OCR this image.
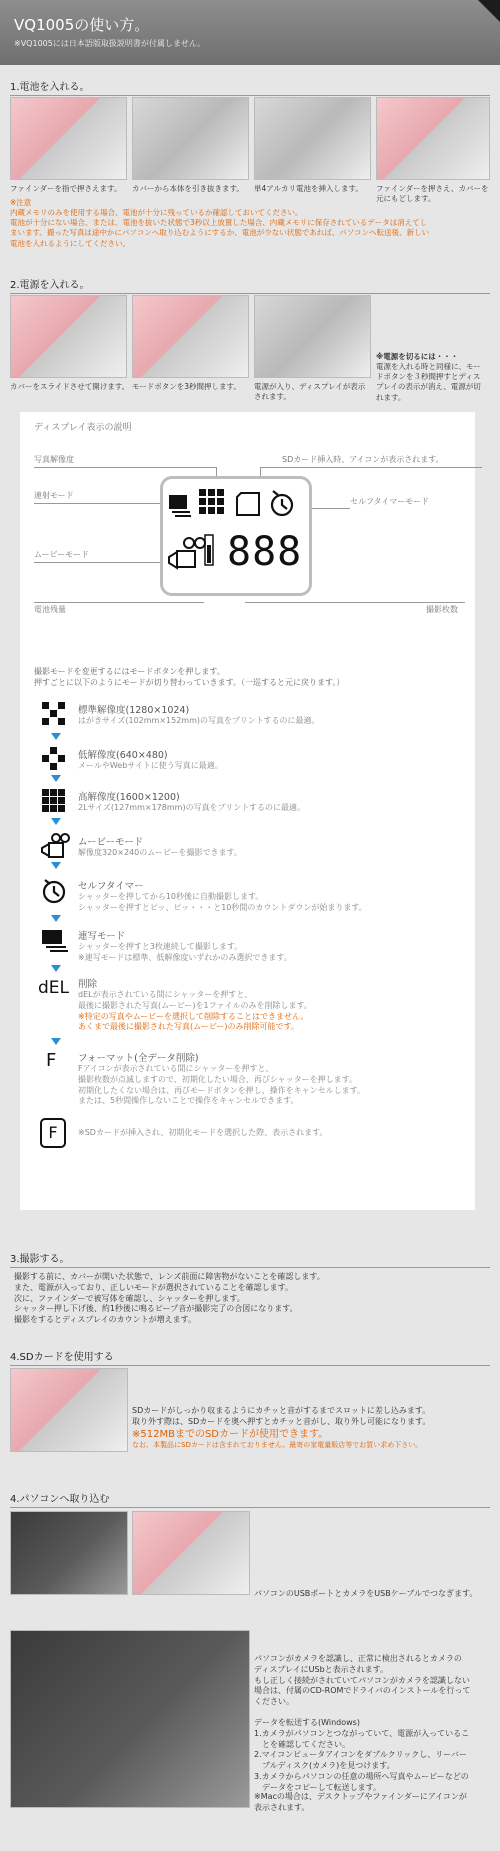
VQ1005の使い方。
※VQ1005には日本語版取扱説明書が付属しません。
1.電池を入れる。
ファインダーを指で押さえます。	カバーから本体を引き抜きます。	単4アルカリ電池を挿入します。	ファインダーを押さえ、カバーを元にもどします。
※注意
内蔵メモリのみを使用する場合、電池が十分に残っているか確認しておいてください。
電池が十分にない場合、または、電池を抜いた状態で3秒以上放置した場合、内蔵メモリに保存されているデータは消えてし
まいます。撮った写真は途中かにパソコンへ取り込むようにするか、電池が少ない状態であれば、パソコンへ転送後、新しい
電池を入れるようにしてください。
2.電源を入れる。
カバーをスライドさせて開けます。 モードボタンを3秒間押します。	電源が入り、ディスプレイが表示されます。
※電源を切るには・・・
電源を入れる時と同様に、モー
ドボタンを３秒間押すとディス
プレイの表示が消え、電源が切
れます。
ディスプレイ表示の説明
写真解像度	SDカード挿入時、アイコンが表示されます。
連射モード
セルフタイマーモード
ムービーモード	888
電池残量	撮影枚数
撮影モードを変更するにはモードボタンを押します。
押すごとに以下のようにモードが切り替わっていきます。（一巡すると元に戻ります。）
標準解像度(1280×1024)
はがきサイズ(102mm×152mm)の写真をプリントするのに最適。
低解像度(640×480)
メールやWebサイトに使う写真に最適。
高解像度(1600×1200)
2Lサイズ(127mm×178mm)の写真をプリントするのに最適。
ムービーモード
解像度320×240のムービーを撮影できます。
セルフタイマー
シャッターを押してから10秒後に自動撮影します。
シャッターを押すとピッ、ピッ・・・と10秒間のカウントダウンが始まります。
連写モード
シャッターを押すと3枚連続して撮影します。
※連写モードは標準、低解像度いずれかのみ選択できます。
dEL 削除
dELが表示されている間にシャッターを押すと、
最後に撮影された写真(ムービー)を1ファイルのみを削除します。
※特定の写真やムービーを選択して削除することはできません。
あくまで最後に撮影された写真(ムービー)のみ削除可能です。
F	フォーマット(全データ削除)
Fアイコンが表示されている間にシャッターを押すと、
撮影枚数が点滅しますので、初期化したい場合、再びシャッターを押します。
初期化したくない場合は、再びモードボタンを押し、操作をキャンセルします。
または、5秒間操作しないことで操作をキャンセルできます。
F	※SDカードが挿入され、初期化モードを選択した際、表示されます。
3.撮影する。
撮影する前に、カバーが開いた状態で、レンズ前面に障害物がないことを確認します。
また、電源が入っており、正しいモードが選択されていることを確認します。
次に、ファインダーで被写体を確認し、シャッターを押します。
シャッター押し下げ後、約1秒後に鳴るピープ音が撮影完了の合図になります。
撮影をするとディスプレイのカウントが増えます。
4.SDカードを使用する
SDカードがしっかり収まるようにカチッと音がするまでスロットに差し込みます。
取り外す際は、SDカードを奥へ押すとカチッと音がし、取り外し可能になります。
※512MBまでのSDカードが使用できます。
なお、本製品にSDカードは含まれておりません。最寄の家電量販店等でお買い求め下さい。
4.パソコンへ取り込む
パソコンのUSBポートとカメラをUSBケーブルでつなぎます。
パソコンがカメラを認識し、正常に検出されるとカメラの
ディスプレイにUSbと表示されます。
もし正しく接続がされていてパソコンがカメラを認識しない
場合は、付属のCD-ROMでドライバのインストールを行って
ください。
データを転送する(Windows)
1.カメラがパソコンとつながっていて、電源が入っているこ
　とを確認してください。
2.マイコンピュータアイコンをダブルクリックし、リーバー
　ブルディスク(カメラ)を見つけます。
3.カメラからパソコンの任意の場所へ写真やムービーなどの
　データをコピーして転送します。
※Macの場合は、デスクトップやファインダーにアイコンが
表示されます。
